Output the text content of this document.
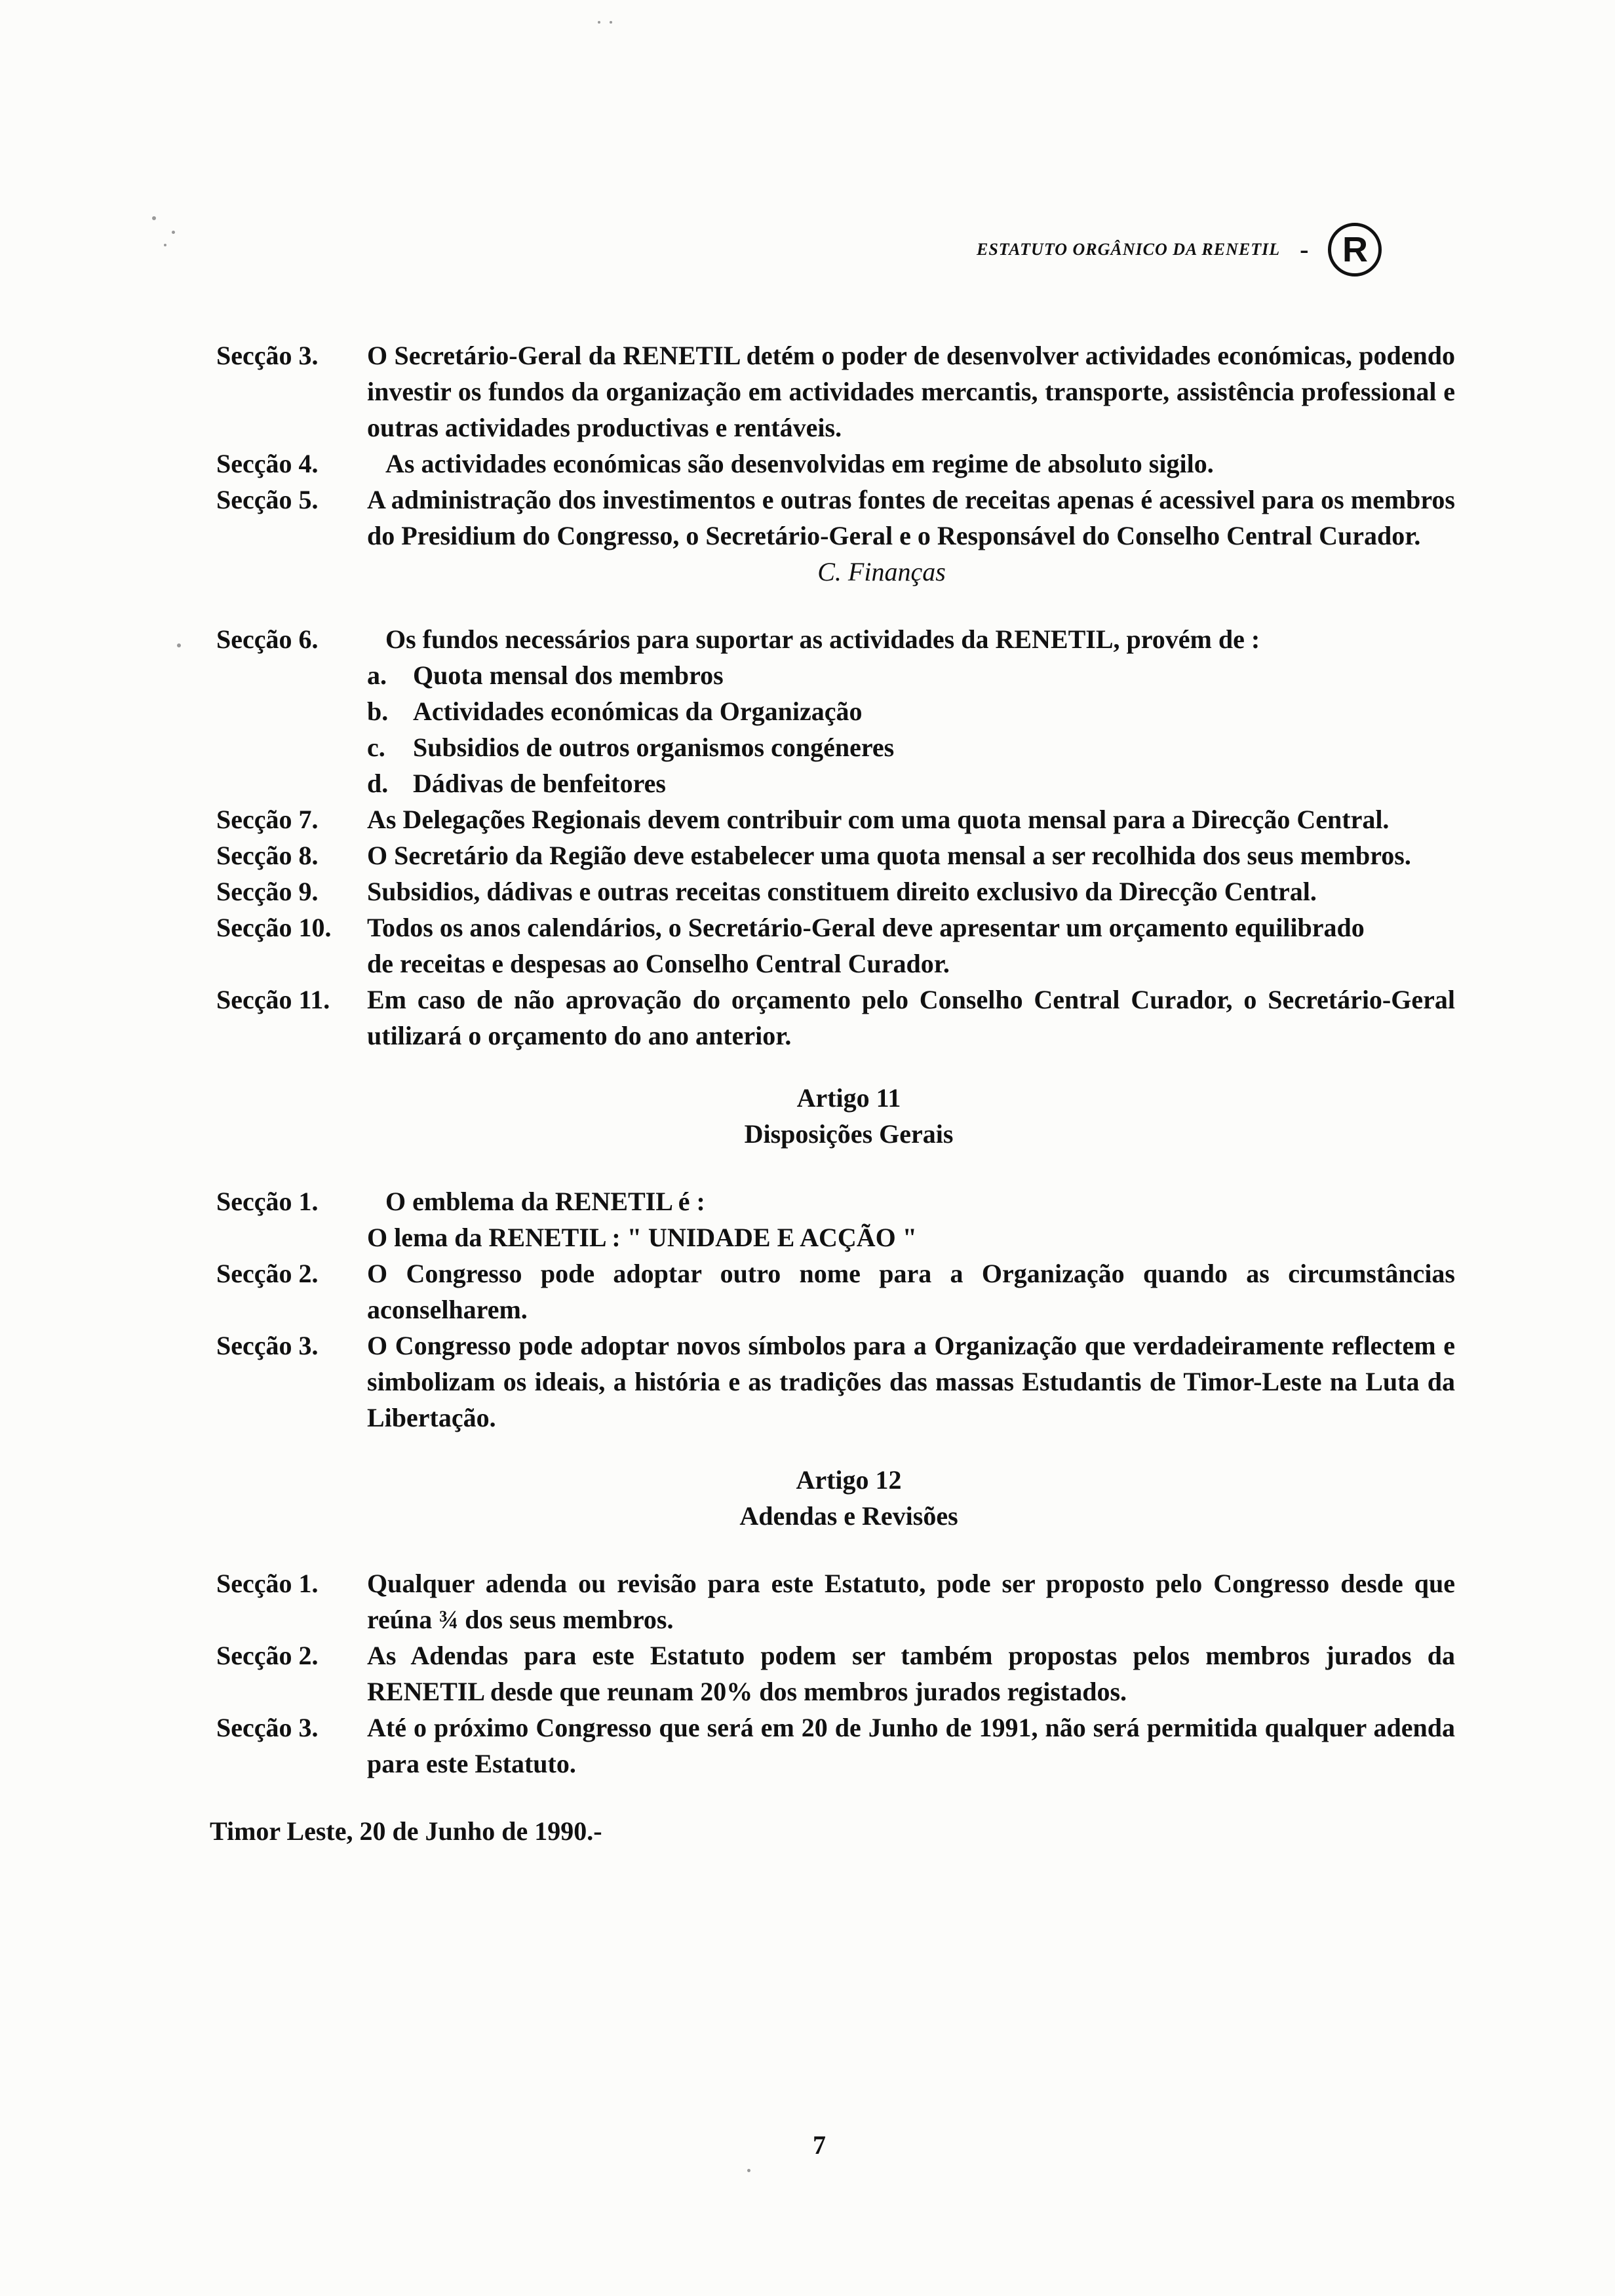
ESTATUTO ORGÂNICO DA RENETIL - R
Secção 3.	O Secretário-Geral da RENETIL detém o poder de desenvolver actividades económicas, podendo investir os fundos da organização em actividades mercantis, transporte, assistência professional e outras actividades productivas e rentáveis.
Secção 4.	As actividades económicas são desenvolvidas em regime de absoluto sigilo.
Secção 5.	A administração dos investimentos e outras fontes de receitas apenas é acessivel para os membros do Presidium do Congresso, o Secretário-Geral e o Responsável do Conselho Central Curador.
C. Finanças
Secção 6.	Os fundos necessários para suportar as actividades da RENETIL, provém de :
a.	Quota mensal dos membros
b. Actividades económicas da Organização
c.	Subsidios de outros organismos congéneres
d. Dádivas de benfeitores
Secção 7.	As Delegações Regionais devem contribuir com uma quota mensal para a Direcção Central.
Secção 8.	O Secretário da Região deve estabelecer uma quota mensal a ser recolhida dos seus membros.
Secção 9.	Subsidios, dádivas e outras receitas constituem direito exclusivo da Direcção Central.
Secção 10.	Todos os anos calendários, o Secretário-Geral deve apresentar um orçamento equilibrado
de receitas e despesas ao Conselho Central Curador.
Secção 11.	Em caso de não aprovação do orçamento pelo Conselho Central Curador, o Secretário-Geral utilizará o orçamento do ano anterior.
Artigo 11
Disposições Gerais
Secção 1.	O emblema da RENETIL é :
O lema da RENETIL : " UNIDADE E ACÇÃO "
Secção 2.	O Congresso pode adoptar outro nome para a Organização quando as circumstâncias aconselharem.
Secção 3.	O Congresso pode adoptar novos símbolos para a Organização que verdadeiramente reflectem e simbolizam os ideais, a história e as tradições das massas Estudantis de Timor-Leste na Luta da Libertação.
Artigo 12
Adendas e Revisões
Secção 1.	Qualquer adenda ou revisão para este Estatuto, pode ser proposto pelo Congresso desde que reúna ¾ dos seus membros.
Secção 2.	As Adendas para este Estatuto podem ser também propostas pelos membros jurados da RENETIL desde que reunam 20% dos membros jurados registados.
Secção 3.	Até o próximo Congresso que será em 20 de Junho de 1991, não será permitida qualquer adenda para este Estatuto.
Timor Leste, 20 de Junho de 1990.-
7
